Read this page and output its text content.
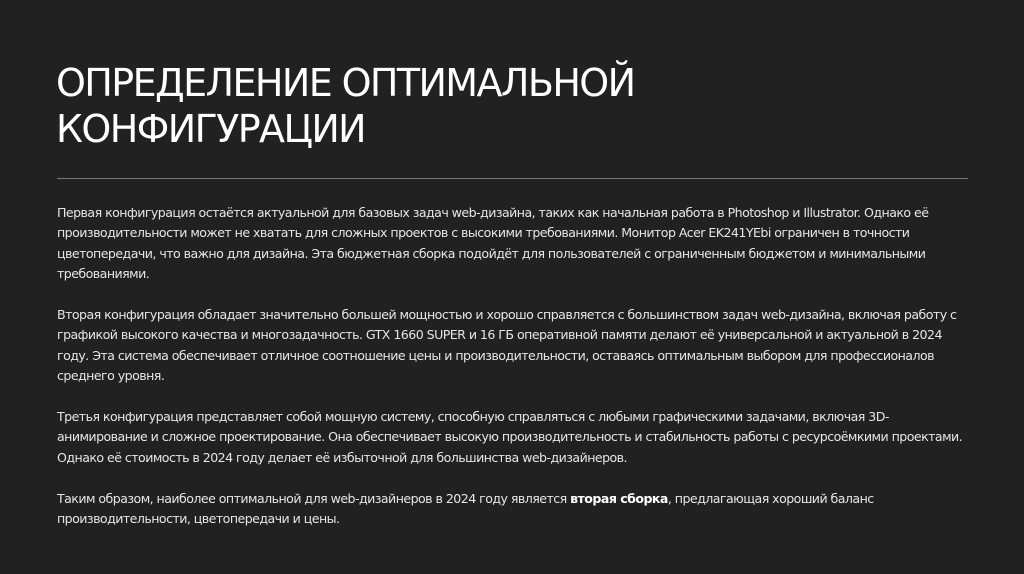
ОПРЕДЕЛЕНИЕ ОПТИМАЛЬНОЙ
КОНФИГУРАЦИИ

Первая конфигурация остаётся актуальной для базовых задач web-дизайна, таких как начальная работа в Photoshop и Illustrator. Однако её производительности может не хватать для сложных проектов с высокими требованиями. Монитор Acer EK241YEbi ограничен в точности цветопередачи, что важно для дизайна. Эта бюджетная сборка подойдёт для пользователей с ограниченным бюджетом и минимальными требованиями.

Вторая конфигурация обладает значительно большей мощностью и хорошо справляется с большинством задач web-дизайна, включая работу с графикой высокого качества и многозадачность. GTX 1660 SUPER и 16 ГБ оперативной памяти делают её универсальной и актуальной в 2024 году. Эта система обеспечивает отличное соотношение цены и производительности, оставаясь оптимальным выбором для профессионалов среднего уровня.

Третья конфигурация представляет собой мощную систему, способную справляться с любыми графическими задачами, включая 3D-анимирование и сложное проектирование. Она обеспечивает высокую производительность и стабильность работы с ресурсоёмкими проектами. Однако её стоимость в 2024 году делает её избыточной для большинства web-дизайнеров.

Таким образом, наиболее оптимальной для web-дизайнеров в 2024 году является вторая сборка, предлагающая хороший баланс производительности, цветопередачи и цены.
